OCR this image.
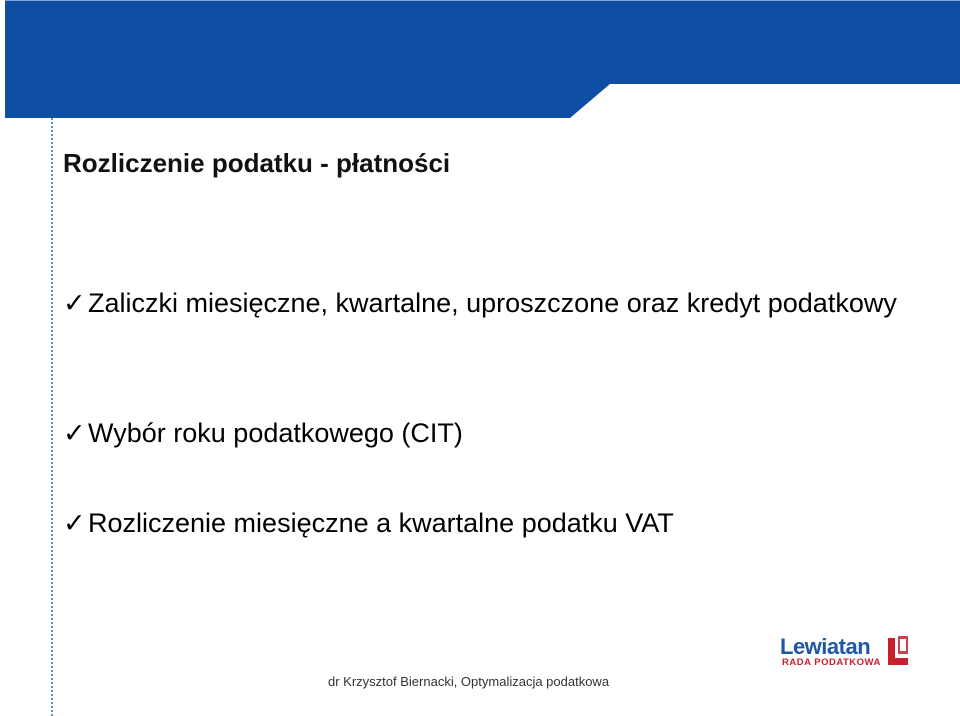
Rozliczenie podatku - płatności
✓Zaliczki miesięczne, kwartalne, uproszczone oraz kredyt podatkowy
✓Wybór roku podatkowego (CIT)
✓Rozliczenie miesięczne a kwartalne podatku VAT
Lewiatan
RADA PODATKOWA
dr Krzysztof Biernacki, Optymalizacja podatkowa
